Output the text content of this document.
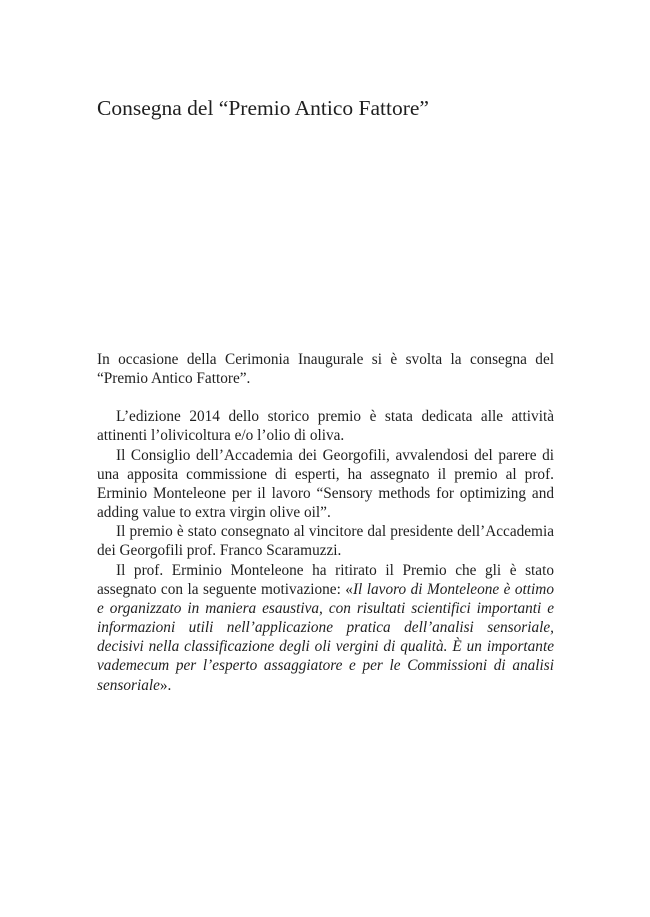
Consegna del “Premio Antico Fattore”

In occasione della Cerimonia Inaugurale si è svolta la consegna del “Premio Antico Fattore”.

L’edizione 2014 dello storico premio è stata dedicata alle attività attinenti l’olivicoltura e/o l’olio di oliva.

Il Consiglio dell’Accademia dei Georgofili, avvalendosi del parere di una apposita commissione di esperti, ha assegnato il premio al prof. Erminio Monteleone per il lavoro “Sensory methods for optimizing and adding value to extra virgin olive oil”.

Il premio è stato consegnato al vincitore dal presidente dell’Accademia dei Georgofili prof. Franco Scaramuzzi.

Il prof. Erminio Monteleone ha ritirato il Premio che gli è stato assegnato con la seguente motivazione: «Il lavoro di Monteleone è ottimo e organizzato in maniera esaustiva, con risultati scientifici importanti e informazioni utili nell’applicazione pratica dell’analisi sensoriale, decisivi nella classificazione degli oli vergini di qualità. È un importante vademecum per l’esperto assaggiatore e per le Commissioni di analisi sensoriale».
